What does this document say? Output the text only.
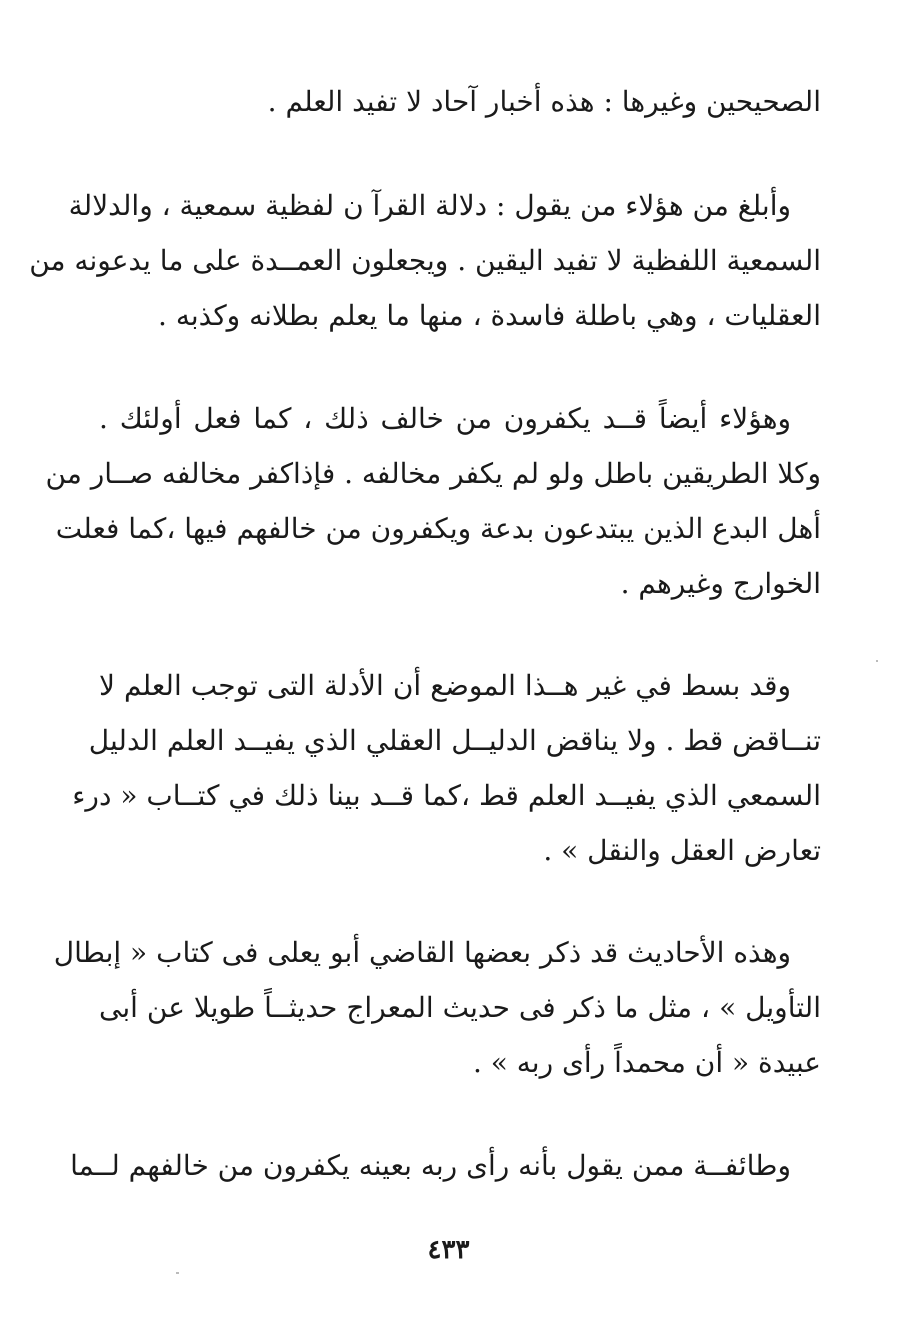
الصحيحين وغيرها : هذه أخبار آحاد لا تفيد العلم .
وأبلغ من هؤلاء من يقول : دلالة القرآ ن لفظية سمعية ، والدلالة
السمعية اللفظية لا تفيد اليقين . ويجعلون العمــدة على ما يدعونه من
العقليات ، وهي باطلة فاسدة ، منها ما يعلم بطلانه وكذبه .
وهؤلاء أيضاً قــد يكفرون من خالف ذلك ، كما فعل أولئك .
وكلا الطريقين باطل ولو لم يكفر مخالفه . فإذاكفر مخالفه صــار من
أهل البدع الذين يبتدعون بدعة ويكفرون من خالفهم فيها ،كما فعلت
الخوارج وغيرهم .
وقد بسط في غير هــذا الموضع أن الأدلة التى توجب العلم لا
تنــاقض قط . ولا يناقض الدليــل العقلي الذي يفيــد العلم الدليل
السمعي الذي يفيــد العلم قط ،كما قــد بينا ذلك في كتــاب « درء
تعارض العقل والنقل » .
وهذه الأحاديث قد ذكر بعضها القاضي أبو يعلى فى كتاب « إبطال
التأويل » ، مثل ما ذكر فى حديث المعراج حديثــاً طويلا عن أبى
عبيدة « أن محمداً رأى ربه » .
وطائفــة ممن يقول بأنه رأى ربه بعينه يكفرون من خالفهم لــما
٤٣٣
